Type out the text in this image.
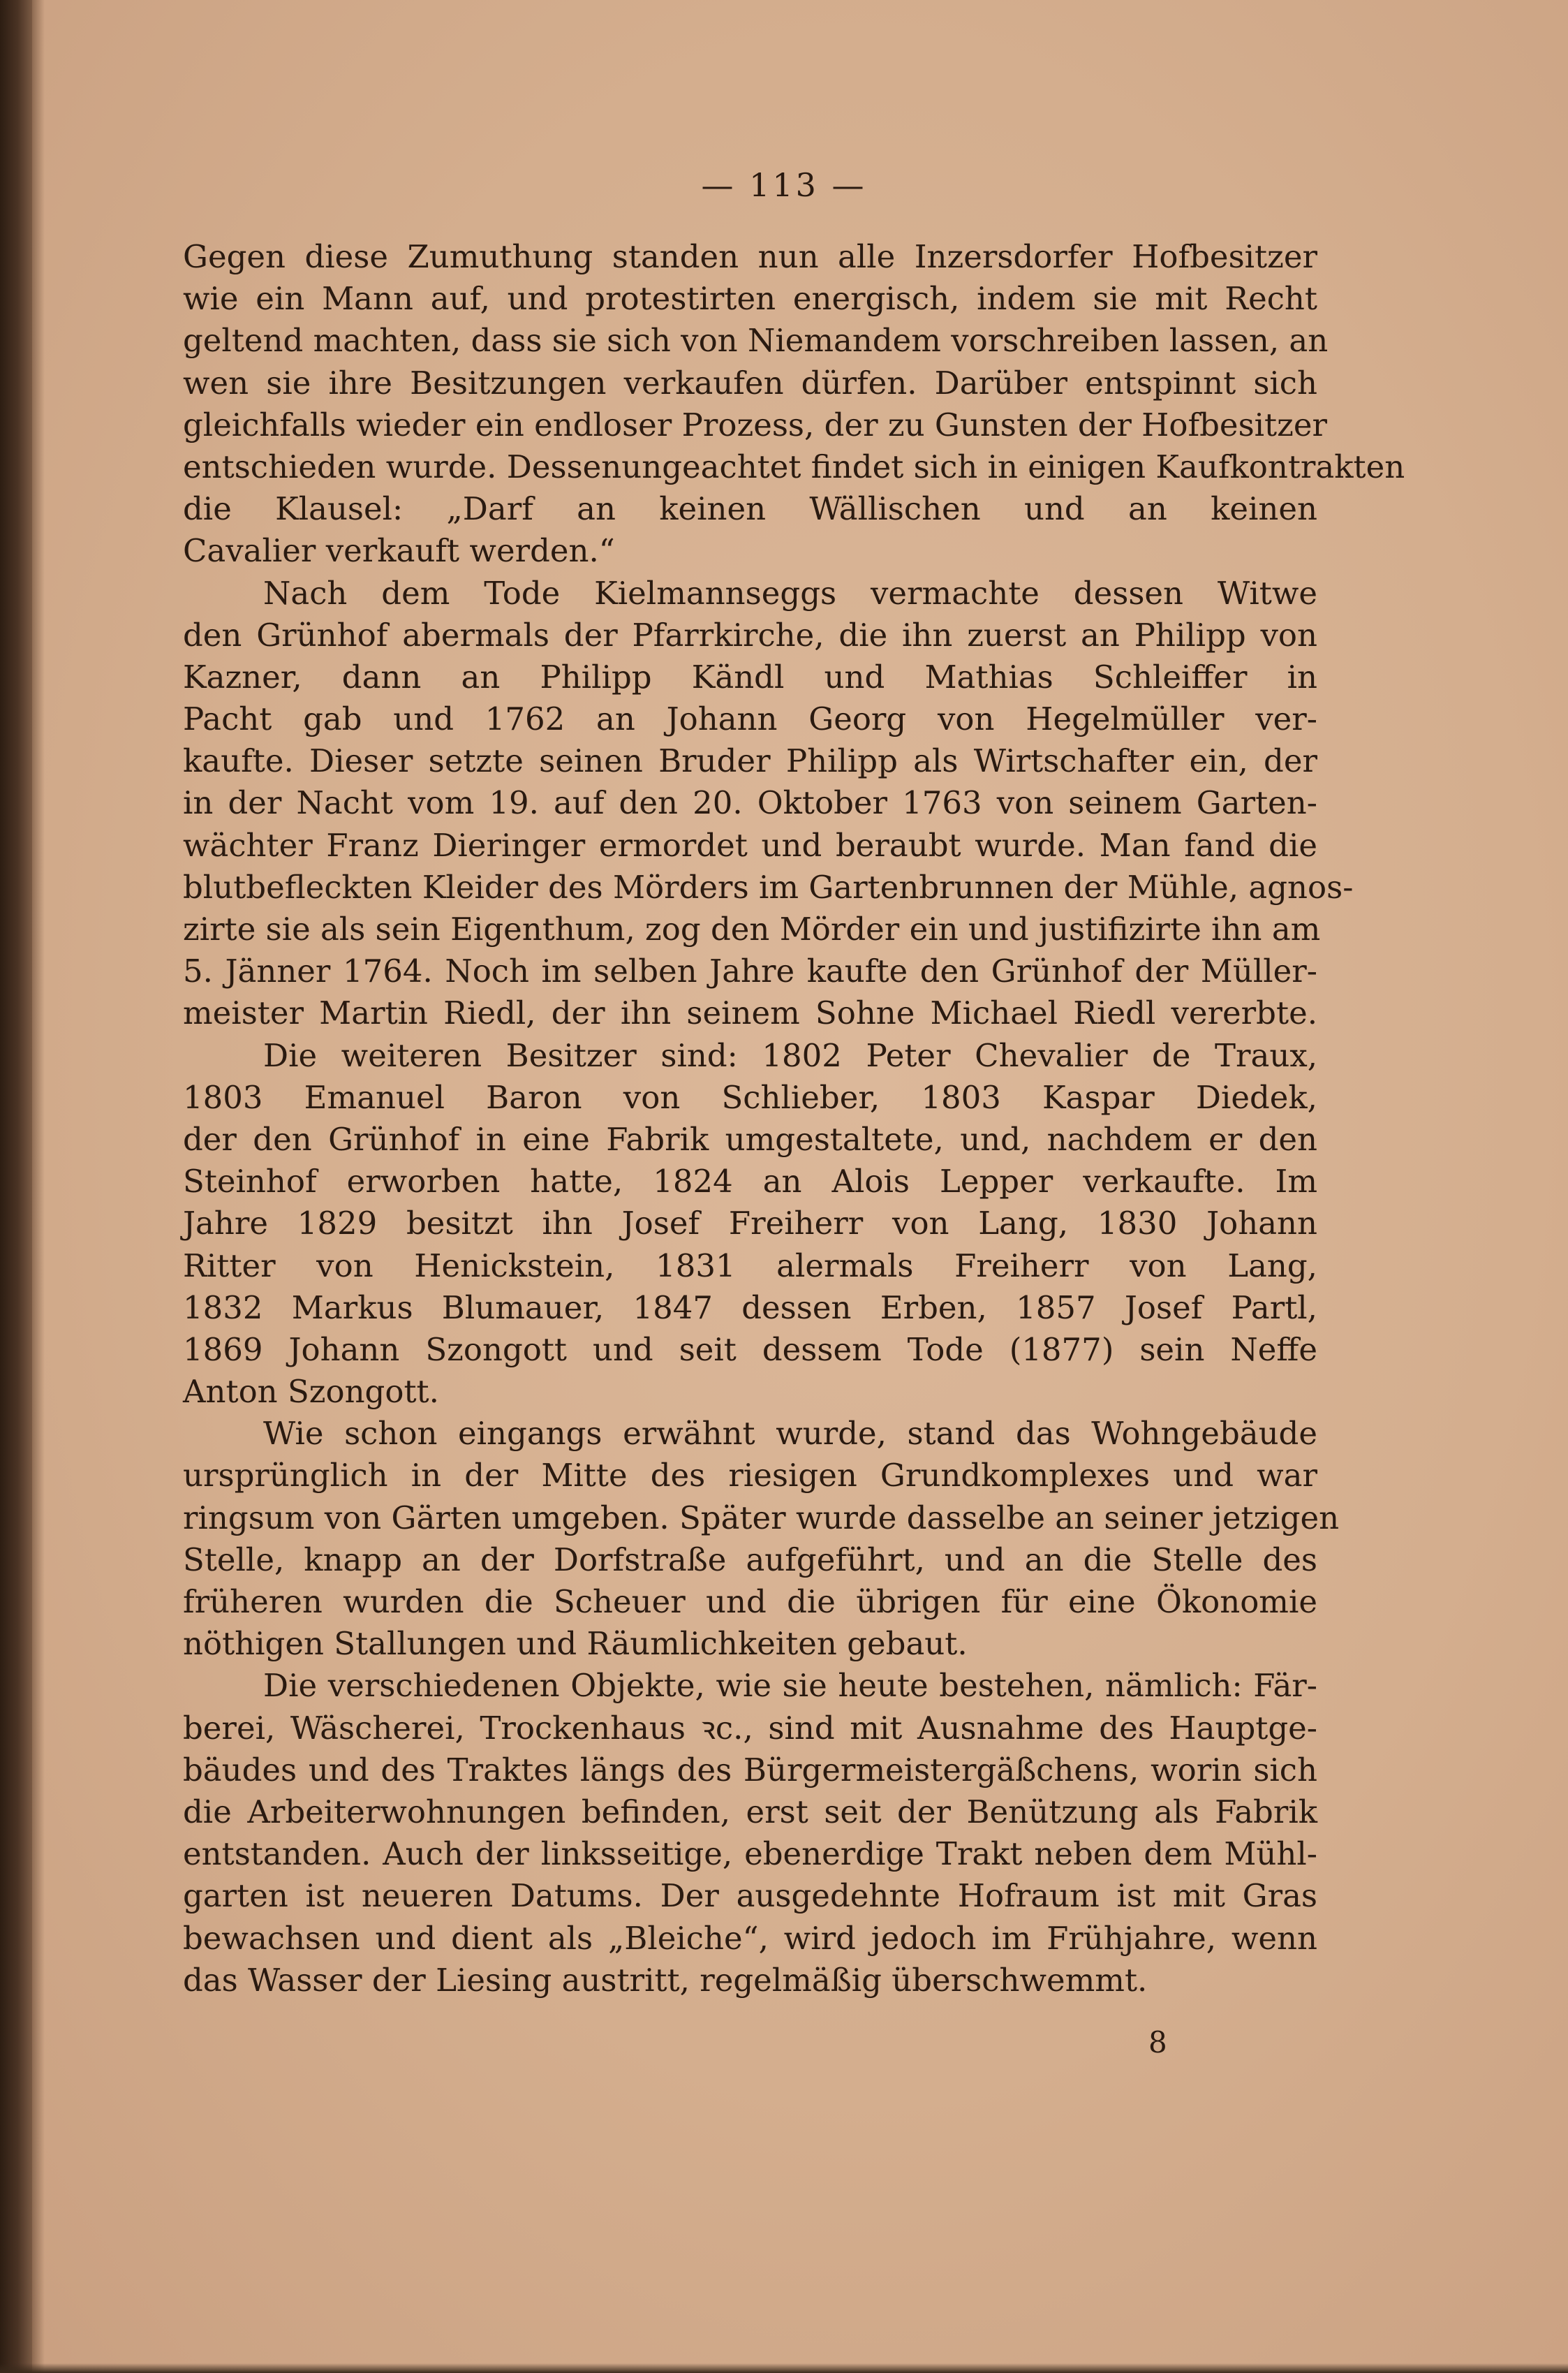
— 113 —
Gegen diese Zumuthung standen nun alle Inzersdorfer Hofbesitzer
wie ein Mann auf, und protestirten energisch, indem sie mit Recht
geltend machten, dass sie sich von Niemandem vorschreiben lassen, an
wen sie ihre Besitzungen verkaufen dürfen. Darüber entspinnt sich
gleichfalls wieder ein endloser Prozess, der zu Gunsten der Hofbesitzer
entschieden wurde. Dessenungeachtet findet sich in einigen Kaufkontrakten
die Klausel: „Darf an keinen Wällischen und an keinen
Cavalier verkauft werden.“
Nach dem Tode Kielmannseggs vermachte dessen Witwe
den Grünhof abermals der Pfarrkirche, die ihn zuerst an Philipp von
Kazner, dann an Philipp Kändl und Mathias Schleiffer in
Pacht gab und 1762 an Johann Georg von Hegelmüller ver-
kaufte. Dieser setzte seinen Bruder Philipp als Wirtschafter ein, der
in der Nacht vom 19. auf den 20. Oktober 1763 von seinem Garten-
wächter Franz Dieringer ermordet und beraubt wurde. Man fand die
blutbefleckten Kleider des Mörders im Gartenbrunnen der Mühle, agnos-
zirte sie als sein Eigenthum, zog den Mörder ein und justifizirte ihn am
5. Jänner 1764. Noch im selben Jahre kaufte den Grünhof der Müller-
meister Martin Riedl, der ihn seinem Sohne Michael Riedl vererbte.
Die weiteren Besitzer sind: 1802 Peter Chevalier de Traux,
1803 Emanuel Baron von Schlieber, 1803 Kaspar Diedek,
der den Grünhof in eine Fabrik umgestaltete, und, nachdem er den
Steinhof erworben hatte, 1824 an Alois Lepper verkaufte. Im
Jahre 1829 besitzt ihn Josef Freiherr von Lang, 1830 Johann
Ritter von Henickstein, 1831 alermals Freiherr von Lang,
1832 Markus Blumauer, 1847 dessen Erben, 1857 Josef Partl,
1869 Johann Szongott und seit dessem Tode (1877) sein Neffe
Anton Szongott.
Wie schon eingangs erwähnt wurde, stand das Wohngebäude
ursprünglich in der Mitte des riesigen Grundkomplexes und war
ringsum von Gärten umgeben. Später wurde dasselbe an seiner jetzigen
Stelle, knapp an der Dorfstraße aufgeführt, und an die Stelle des
früheren wurden die Scheuer und die übrigen für eine Ökonomie
nöthigen Stallungen und Räumlichkeiten gebaut.
Die verschiedenen Objekte, wie sie heute bestehen, nämlich: Fär-
berei, Wäscherei, Trockenhaus ꝛc., sind mit Ausnahme des Hauptge-
bäudes und des Traktes längs des Bürgermeistergäßchens, worin sich
die Arbeiterwohnungen befinden, erst seit der Benützung als Fabrik
entstanden. Auch der linksseitige, ebenerdige Trakt neben dem Mühl-
garten ist neueren Datums. Der ausgedehnte Hofraum ist mit Gras
bewachsen und dient als „Bleiche“, wird jedoch im Frühjahre, wenn
das Wasser der Liesing austritt, regelmäßig überschwemmt.
8
